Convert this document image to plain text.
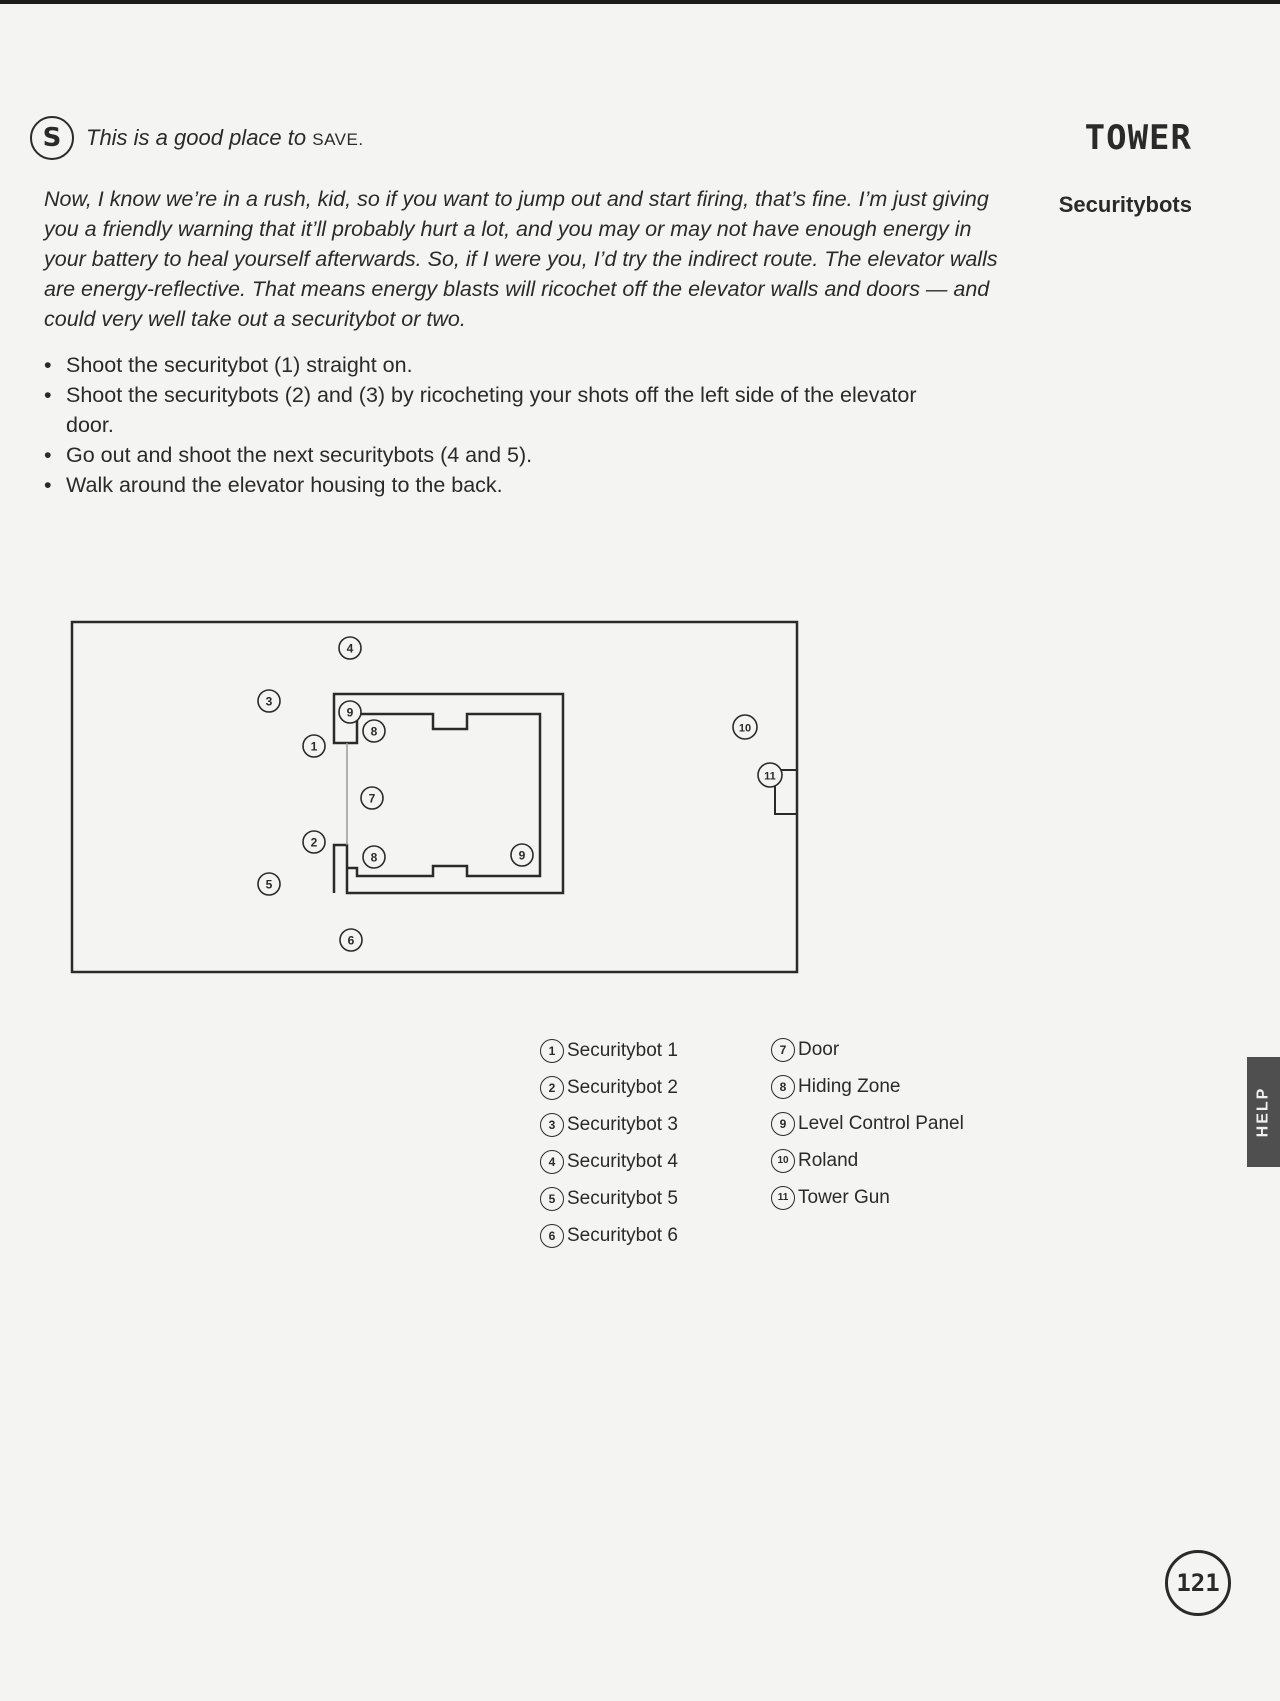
S	This is a good place to SAVE.	TOWER
Securitybots

Now, I know we’re in a rush, kid, so if you want to jump out and start firing, that’s fine. I’m just giving you a friendly warning that it’ll probably hurt a lot, and you may or may not have enough energy in your battery to heal yourself afterwards. So, if I were you, I’d try the indirect route. The elevator walls are energy-reflective. That means energy blasts will ricochet off the elevator walls and doors — and could very well take out a securitybot or two.

• Shoot the securitybot (1) straight on.
• Shoot the securitybots (2) and (3) by ricocheting your shots off the left side of the elevator door.
• Go out and shoot the next securitybots (4 and 5).
• Walk around the elevator housing to the back.
1
2
3
4
5
6
7
8
8
9
9
10
11
1 Securitybot 1
2 Securitybot 2
3 Securitybot 3
4 Securitybot 4
5 Securitybot 5
6 Securitybot 6
7 Door
8 Hiding Zone
9 Level Control Panel
10 Roland
11 Tower Gun
HELP
121
